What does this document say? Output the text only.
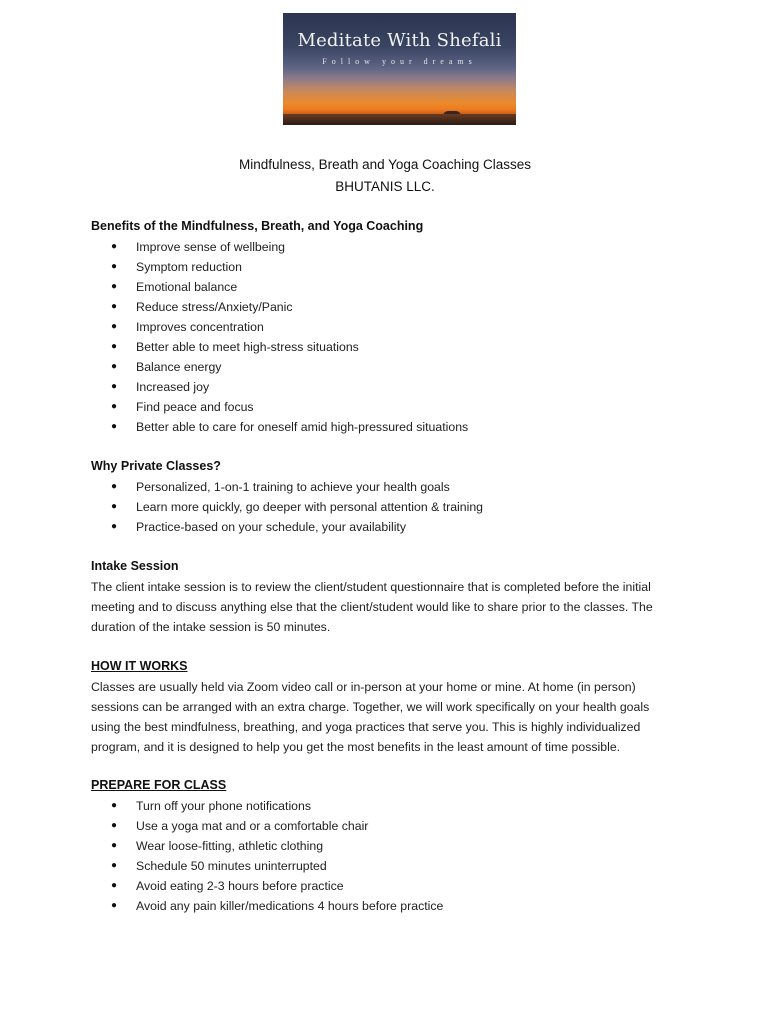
Meditate With Shefali
Follow your dreams
Mindfulness, Breath and Yoga Coaching Classes
BHUTANIS LLC.
Benefits of the Mindfulness, Breath, and Yoga Coaching
● Improve sense of wellbeing
● Symptom reduction
● Emotional balance
● Reduce stress/Anxiety/Panic
● Improves concentration
● Better able to meet high-stress situations
● Balance energy
● Increased joy
● Find peace and focus
● Better able to care for oneself amid high-pressured situations
Why Private Classes?
● Personalized, 1-on-1 training to achieve your health goals
● Learn more quickly, go deeper with personal attention & training
● Practice-based on your schedule, your availability
Intake Session
The client intake session is to review the client/student questionnaire that is completed before the initial
meeting and to discuss anything else that the client/student would like to share prior to the classes. The
duration of the intake session is 50 minutes.
HOW IT WORKS
Classes are usually held via Zoom video call or in-person at your home or mine. At home (in person)
sessions can be arranged with an extra charge. Together, we will work specifically on your health goals
using the best mindfulness, breathing, and yoga practices that serve you. This is highly individualized
program, and it is designed to help you get the most benefits in the least amount of time possible.
PREPARE FOR CLASS
● Turn off your phone notifications
● Use a yoga mat and or a comfortable chair
● Wear loose-fitting, athletic clothing
● Schedule 50 minutes uninterrupted
● Avoid eating 2-3 hours before practice
● Avoid any pain killer/medications 4 hours before practice
